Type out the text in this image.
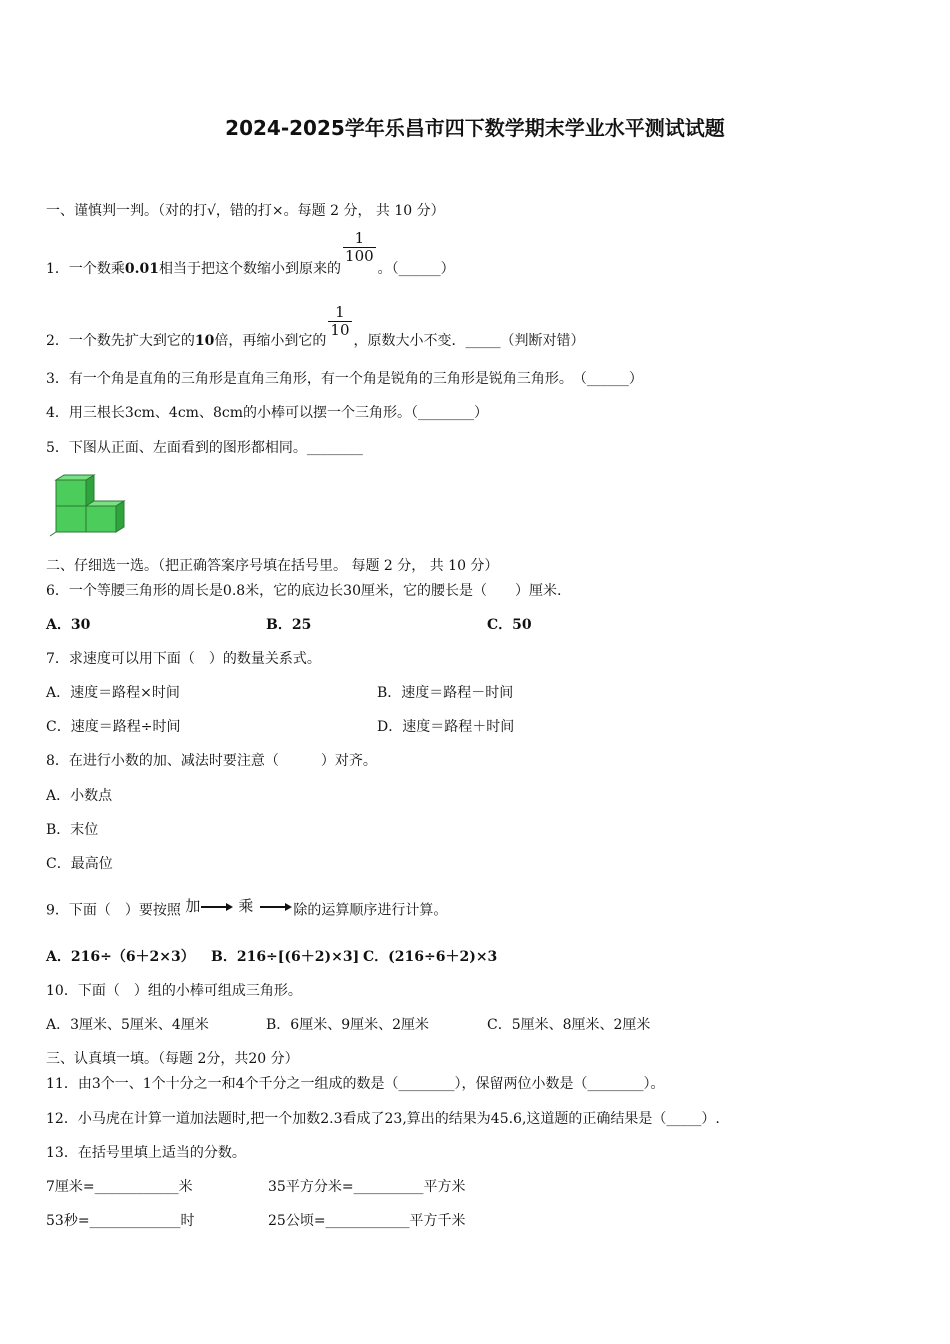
2024-2025学年乐昌市四下数学期末学业水平测试试题
一、谨慎判一判。（对的打√，错的打×。每题 2 分， 共 10 分）
1．一个数乘0.01相当于把这个数缩小到原来的
$\frac{1}{100}$
。（______）
2．一个数先扩大到它的10倍，再缩小到它的
$\frac{1}{10}$
，原数大小不变．_____（判断对错）
3．有一个角是直角的三角形是直角三角形，有一个角是锐角的三角形是锐角三角形。　（______）
4．用三根长3cm、4cm、8cm的小棒可以摆一个三角形。（________）
5．下图从正面、左面看到的图形都相同。________
二、仔细选一选。（把正确答案序号填在括号里。 每题 2 分， 共 10 分）
6．一个等腰三角形的周长是0.8米，它的底边长30厘米，它的腰长是（　　）厘米.
A．30	B．25	C．50
7．求速度可以用下面（　）的数量关系式。
A．速度＝路程×时间	B．速度＝路程－时间
C．速度＝路程÷时间	D．速度＝路程＋时间
8．在进行小数的加、减法时要注意（　　　）对齐。
A．小数点
B．末位
C．最高位
9．下面（　）要按照 加	乘	除的运算顺序进行计算。
A．216÷（6＋2×3） B．216÷[(6＋2)×3] C．(216÷6＋2)×3
10．下面（　）组的小棒可组成三角形。
A．3厘米、5厘米、4厘米	B．6厘米、9厘米、2厘米	C．5厘米、8厘米、2厘米
三、认真填一填。（每题 2分，共20 分）
11．由3个一、1个十分之一和4个千分之一组成的数是（________），保留两位小数是（________）。
12．小马虎在计算一道加法题时,把一个加数2.3看成了23,算出的结果为45.6,这道题的正确结果是（_____）.
13．在括号里填上适当的分数。
7厘米=____________米	35平方分米=__________平方米
53秒=_____________时	25公顷=____________平方千米
